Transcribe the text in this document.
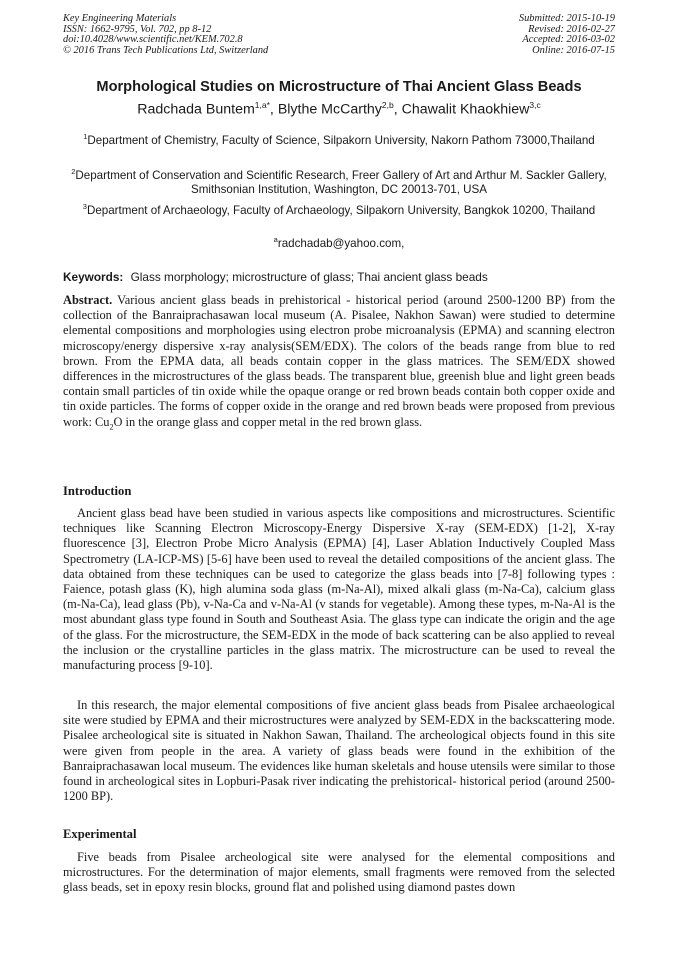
Key Engineering Materials
ISSN: 1662-9795, Vol. 702, pp 8-12
doi:10.4028/www.scientific.net/KEM.702.8
© 2016 Trans Tech Publications Ltd, Switzerland
Submitted: 2015-10-19
Revised: 2016-02-27
Accepted: 2016-03-02
Online: 2016-07-15
Morphological Studies on Microstructure of Thai Ancient Glass Beads
Radchada Buntem$^{1,a*}$, Blythe McCarthy$^{2,b}$, Chawalit Khaokhiew$^{3,c}$
$^1$Department of Chemistry, Faculty of Science, Silpakorn University, Nakorn Pathom 73000,Thailand
$^2$Department of Conservation and Scientific Research, Freer Gallery of Art and Arthur M. Sackler Gallery, Smithsonian Institution, Washington, DC 20013-701, USA
$^3$Department of Archaeology, Faculty of Archaeology, Silpakorn University, Bangkok 10200, Thailand
$^a$radchadab@yahoo.com,
Keywords: Glass morphology; microstructure of glass; Thai ancient glass beads
Abstract. Various ancient glass beads in prehistorical - historical period (around 2500-1200 BP) from the collection of the Banraiprachasawan local museum (A. Pisalee, Nakhon Sawan) were studied to determine elemental compositions and morphologies using electron probe microanalysis (EPMA) and scanning electron microscopy/energy dispersive x-ray analysis(SEM/EDX). The colors of the beads range from blue to red brown. From the EPMA data, all beads contain copper in the glass matrices. The SEM/EDX showed differences in the microstructures of the glass beads. The transparent blue, greenish blue and light green beads contain small particles of tin oxide while the opaque orange or red brown beads contain both copper oxide and tin oxide particles. The forms of copper oxide in the orange and red brown beads were proposed from previous work: $Cu_2O$ in the orange glass and copper metal in the red brown glass.
Introduction
Ancient glass bead have been studied in various aspects like compositions and microstructures. Scientific techniques like Scanning Electron Microscopy-Energy Dispersive X-ray (SEM-EDX) [1-2], X-ray fluorescence [3], Electron Probe Micro Analysis (EPMA) [4], Laser Ablation Inductively Coupled Mass Spectrometry (LA-ICP-MS) [5-6] have been used to reveal the detailed compositions of the ancient glass. The data obtained from these techniques can be used to categorize the glass beads into [7-8] following types : Faience, potash glass (K), high alumina soda glass (m-Na-Al), mixed alkali glass (m-Na-Ca), calcium glass (m-Na-Ca), lead glass (Pb), v-Na-Ca and v-Na-Al (v stands for vegetable). Among these types, m-Na-Al is the most abundant glass type found in South and Southeast Asia. The glass type can indicate the origin and the age of the glass. For the microstructure, the SEM-EDX in the mode of back scattering can be also applied to reveal the inclusion or the crystalline particles in the glass matrix. The microstructure can be used to reveal the manufacturing process [9-10].
In this research, the major elemental compositions of five ancient glass beads from Pisalee archaeological site were studied by EPMA and their microstructures were analyzed by SEM-EDX in the backscattering mode. Pisalee archeological site is situated in Nakhon Sawan, Thailand. The archeological objects found in this site were given from people in the area. A variety of glass beads were found in the exhibition of the Banraiprachasawan local museum. The evidences like human skeletals and house utensils were similar to those found in archeological sites in Lopburi-Pasak river indicating the prehistorical- historical period (around 2500-1200 BP).
Experimental
Five beads from Pisalee archeological site were analysed for the elemental compositions and microstructures. For the determination of major elements, small fragments were removed from the selected glass beads, set in epoxy resin blocks, ground flat and polished using diamond pastes down
